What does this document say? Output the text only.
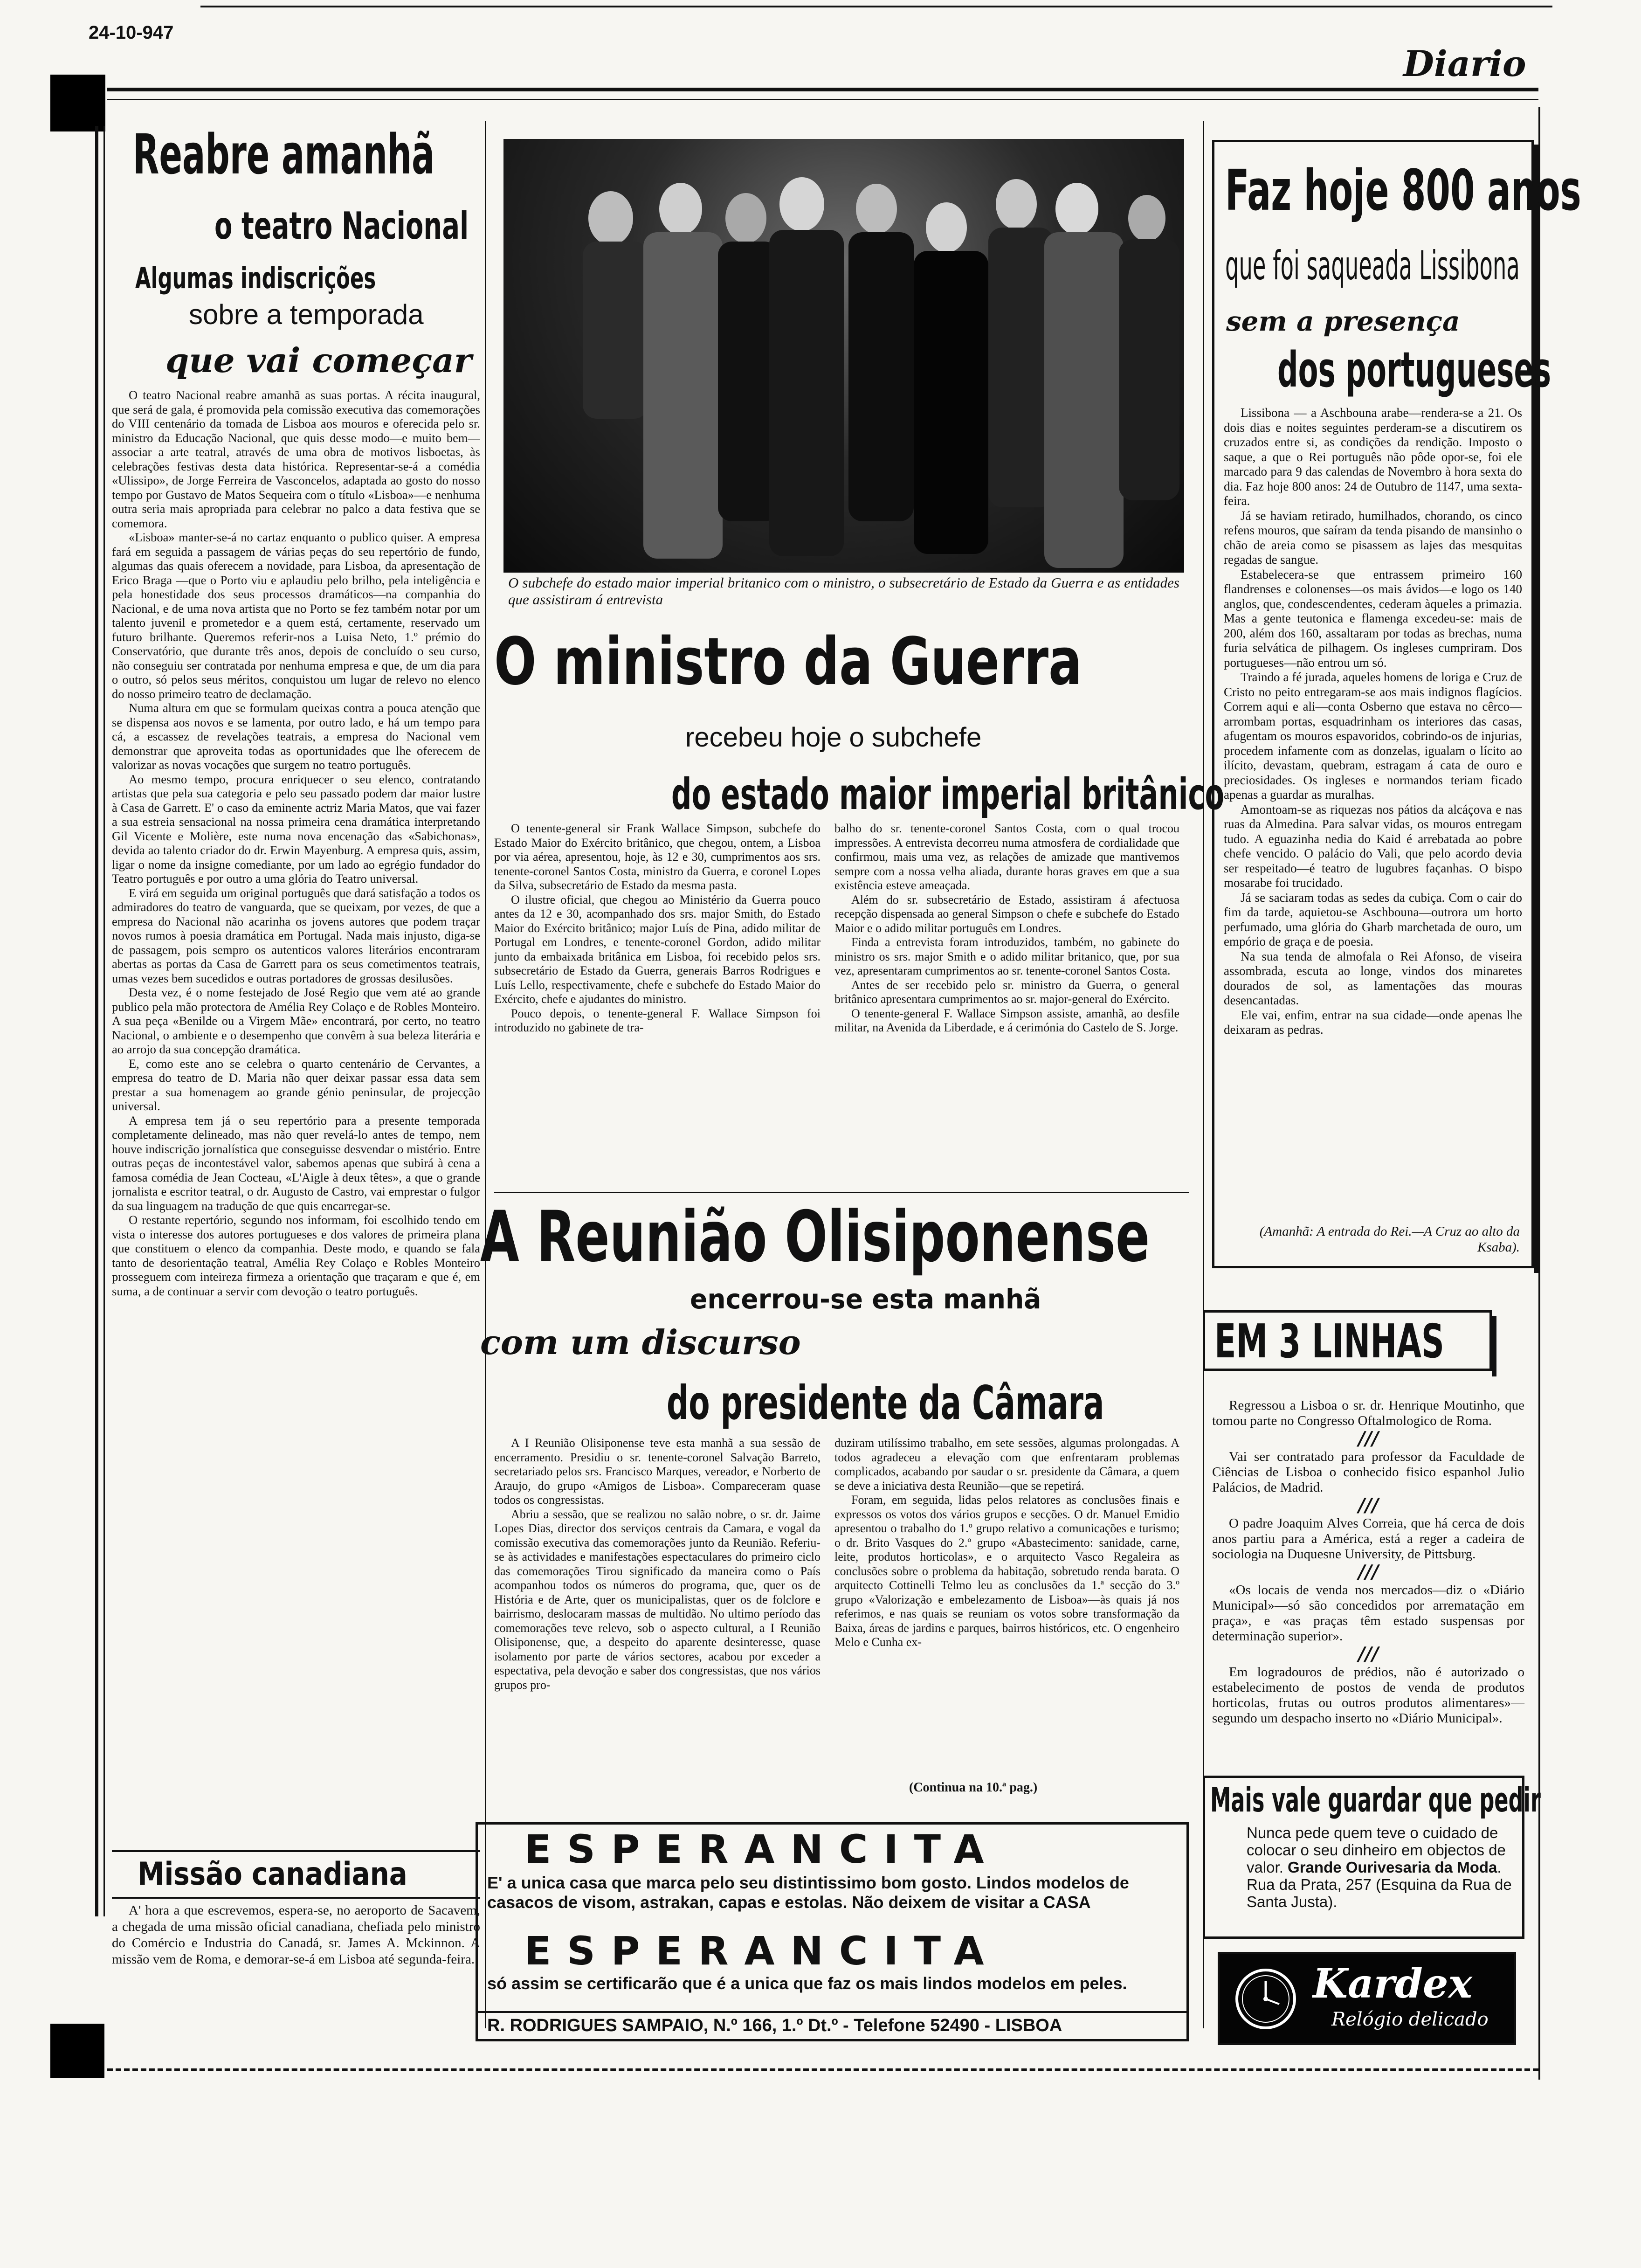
24-10-947
Diario
Reabre amanhã
o teatro Nacional
Algumas indiscrições
sobre a temporada
que vai começar

O teatro Nacional reabre amanhã as suas portas. A récita inaugural, que será de gala, é promovida pela comissão executiva das comemorações do VIII centenário da tomada de Lisboa aos mouros e oferecida pelo sr. ministro da Educação Nacional, que quis desse modo—e muito bem—associar a arte teatral, através de uma obra de motivos lisboetas, às celebrações festivas desta data histórica. Representar-se-á a comédia «Ulissipo», de Jorge Ferreira de Vasconcelos, adaptada ao gosto do nosso tempo por Gustavo de Matos Sequeira com o título «Lisboa»—e nenhuma outra seria mais apropriada para celebrar no palco a data festiva que se comemora.

«Lisboa» manter-se-á no cartaz enquanto o publico quiser. A empresa fará em seguida a passagem de várias peças do seu repertório de fundo, algumas das quais oferecem a novidade, para Lisboa, da apresentação de Erico Braga —que o Porto viu e aplaudiu pelo brilho, pela inteligência e pela honestidade dos seus processos dramáticos—na companhia do Nacional, e de uma nova artista que no Porto se fez também notar por um talento juvenil e prometedor e a quem está, certamente, reservado um futuro brilhante. Queremos referir-nos a Luisa Neto, 1.º prémio do Conservatório, que durante três anos, depois de concluído o seu curso, não conseguiu ser contratada por nenhuma empresa e que, de um dia para o outro, só pelos seus méritos, conquistou um lugar de relevo no elenco do nosso primeiro teatro de declamação.

Numa altura em que se formulam queixas contra a pouca atenção que se dispensa aos novos e se lamenta, por outro lado, e há um tempo para cá, a escassez de revelações teatrais, a empresa do Nacional vem demonstrar que aproveita todas as oportunidades que lhe oferecem de valorizar as novas vocações que surgem no teatro português.

Ao mesmo tempo, procura enriquecer o seu elenco, contratando artistas que pela sua categoria e pelo seu passado podem dar maior lustre à Casa de Garrett. E' o caso da eminente actriz Maria Matos, que vai fazer a sua estreia sensacional na nossa primeira cena dramática interpretando Gil Vicente e Molière, este numa nova encenação das «Sabichonas», devida ao talento criador do dr. Erwin Mayenburg. A empresa quis, assim, ligar o nome da insigne comediante, por um lado ao egrégio fundador do Teatro português e por outro a uma glória do Teatro universal.

E virá em seguida um original português que dará satisfação a todos os admiradores do teatro de vanguarda, que se queixam, por vezes, de que a empresa do Nacional não acarinha os jovens autores que podem traçar novos rumos à poesia dramática em Portugal. Nada mais injusto, diga-se de passagem, pois sempro os autenticos valores literários encontraram abertas as portas da Casa de Garrett para os seus cometimentos teatrais, umas vezes bem sucedidos e outras portadores de grossas desilusões.

Desta vez, é o nome festejado de José Regio que vem até ao grande publico pela mão protectora de Amélia Rey Colaço e de Robles Monteiro. A sua peça «Benilde ou a Virgem Mãe» encontrará, por certo, no teatro Nacional, o ambiente e o desempenho que convêm à sua beleza literária e ao arrojo da sua concepção dramática.

E, como este ano se celebra o quarto centenário de Cervantes, a empresa do teatro de D. Maria não quer deixar passar essa data sem prestar a sua homenagem ao grande génio peninsular, de projecção universal.

A empresa tem já o seu repertório para a presente temporada completamente delineado, mas não quer revelá-lo antes de tempo, nem houve indiscrição jornalística que conseguisse desvendar o mistério. Entre outras peças de incontestável valor, sabemos apenas que subirá à cena a famosa comédia de Jean Cocteau, «L'Aigle à deux têtes», a que o grande jornalista e escritor teatral, o dr. Augusto de Castro, vai emprestar o fulgor da sua linguagem na tradução de que quis encarregar-se.

O restante repertório, segundo nos informam, foi escolhido tendo em vista o interesse dos autores portugueses e dos valores de primeira plana que constituem o elenco da companhia. Deste modo, e quando se fala tanto de desorientação teatral, Amélia Rey Colaço e Robles Monteiro prosseguem com inteireza firmeza a orientação que traçaram e que é, em suma, a de continuar a servir com devoção o teatro português.

Missão canadiana

A' hora a que escrevemos, espera-se, no aeroporto de Sacavem, a chegada de uma missão oficial canadiana, chefiada pelo ministro do Comércio e Industria do Canadá, sr. James A. Mckinnon. A missão vem de Roma, e demorar-se-á em Lisboa até segunda-feira.

O subchefe do estado maior imperial britanico com o ministro, o subsecretário de Estado da Guerra e as entidades que assistiram á entrevista
O ministro da Guerra
recebeu hoje o subchefe
do estado maior imperial britânico

O tenente-general sir Frank Wallace Simpson, subchefe do Estado Maior do Exército britânico, que chegou, ontem, a Lisboa por via aérea, apresentou, hoje, às 12 e 30, cumprimentos aos srs. tenente-coronel Santos Costa, ministro da Guerra, e coronel Lopes da Silva, subsecretário de Estado da mesma pasta.

O ilustre oficial, que chegou ao Ministério da Guerra pouco antes da 12 e 30, acompanhado dos srs. major Smith, do Estado Maior do Exército britânico; major Luís de Pina, adido militar de Portugal em Londres, e tenente-coronel Gordon, adido militar junto da embaixada britânica em Lisboa, foi recebido pelos srs. subsecretário de Estado da Guerra, generais Barros Rodrigues e Luís Lello, respectivamente, chefe e subchefe do Estado Maior do Exército, chefe e ajudantes do ministro.

Pouco depois, o tenente-general F. Wallace Simpson foi introduzido no gabinete de tra-

balho do sr. tenente-coronel Santos Costa, com o qual trocou impressões. A entrevista decorreu numa atmosfera de cordialidade que confirmou, mais uma vez, as relações de amizade que mantivemos sempre com a nossa velha aliada, durante horas graves em que a sua existência esteve ameaçada.

Além do sr. subsecretário de Estado, assistiram á afectuosa recepção dispensada ao general Simpson o chefe e subchefe do Estado Maior e o adido militar português em Londres.

Finda a entrevista foram introduzidos, também, no gabinete do ministro os srs. major Smith e o adido militar britanico, que, por sua vez, apresentaram cumprimentos ao sr. tenente-coronel Santos Costa.

Antes de ser recebido pelo sr. ministro da Guerra, o general britânico apresentara cumprimentos ao sr. major-general do Exército.

O tenente-general F. Wallace Simpson assiste, amanhã, ao desfile militar, na Avenida da Liberdade, e á cerimónia do Castelo de S. Jorge.

A Reunião Olisiponense
encerrou-se esta manhã
com um discurso
do presidente da Câmara

A I Reunião Olisiponense teve esta manhã a sua sessão de encerramento. Presidiu o sr. tenente-coronel Salvação Barreto, secretariado pelos srs. Francisco Marques, vereador, e Norberto de Araujo, do grupo «Amigos de Lisboa». Compareceram quase todos os congressistas.

Abriu a sessão, que se realizou no salão nobre, o sr. dr. Jaime Lopes Dias, director dos serviços centrais da Camara, e vogal da comissão executiva das comemorações junto da Reunião. Referiu-se às actividades e manifestações espectaculares do primeiro ciclo das comemorações Tirou significado da maneira como o País acompanhou todos os números do programa, que, quer os de História e de Arte, quer os municipalistas, quer os de folclore e bairrismo, deslocaram massas de multidão. No ultimo período das comemorações teve relevo, sob o aspecto cultural, a I Reunião Olisiponense, que, a despeito do aparente desinteresse, quase isolamento por parte de vários sectores, acabou por exceder a espectativa, pela devoção e saber dos congressistas, que nos vários grupos pro-

duziram utilíssimo trabalho, em sete sessões, algumas prolongadas. A todos agradeceu a elevação com que enfrentaram problemas complicados, acabando por saudar o sr. presidente da Câmara, a quem se deve a iniciativa desta Reunião—que se repetirá.

Foram, em seguida, lidas pelos relatores as conclusões finais e expressos os votos dos vários grupos e secções. O dr. Manuel Emidio apresentou o trabalho do 1.º grupo relativo a comunicações e turismo; o dr. Brito Vasques do 2.º grupo «Abastecimento: sanidade, carne, leite, produtos horticolas», e o arquitecto Vasco Regaleira as conclusões sobre o problema da habitação, sobretudo renda barata. O arquitecto Cottinelli Telmo leu as conclusões da 1.ª secção do 3.º grupo «Valorização e embelezamento de Lisboa»—às quais já nos referimos, e nas quais se reuniam os votos sobre transformação da Baixa, áreas de jardins e parques, bairros históricos, etc. O engenheiro Melo e Cunha ex-

(Continua na 10.ª pag.)
ESPERANCITA
E' a unica casa que marca pelo seu distintissimo bom gosto. Lindos modelos de casacos de visom, astrakan, capas e estolas. Não deixem de visitar a CASA
ESPERANCITA
só assim se certificarão que é a unica que faz os mais lindos modelos em peles.
R. RODRIGUES SAMPAIO, N.º 166, 1.º Dt.º - Telefone 52490 - LISBOA
Faz hoje 800 anos
que foi saqueada Lissibona
sem a presença
dos portugueses

Lissibona — a Aschbouna arabe—renderа-se a 21. Os dois dias e noites seguintes perderam-se a discutirem os cruzados entre si, as condições da rendição. Imposto o saque, a que o Rei português não pôde opor-se, foi ele marcado para 9 das calendas de Novembro à hora sexta do dia. Faz hoje 800 anos: 24 de Outubro de 1147, uma sexta-feira.

Já se haviam retirado, humilhados, chorando, os cinco refens mouros, que saíram da tenda pisando de mansinho o chão de areia como se pisassem as lajes das mesquitas regadas de sangue.

Estabelecera-se que entrassem primeiro 160 flandrenses e colonenses—os mais ávidos—e logo os 140 anglos, que, condescendentes, cederam àqueles a primazia. Mas a gente teutonica e flamenga excedeu-se: mais de 200, além dos 160, assaltaram por todas as brechas, numa furia selvática de pilhagem. Os ingleses cumpriram. Dos portugueses—não entrou um só.

Traindo a fé jurada, aqueles homens de loriga e Cruz de Cristo no peito entregaram-se aos mais indignos flagícios. Correm aqui e ali—conta Osberno que estava no cêrco—arrombam portas, esquadrinham os interiores das casas, afugentam os mouros espavoridos, cobrindo-os de injurias, procedem infamente com as donzelas, igualam o lícito ao ilícito, devastam, quebram, estragam á cata de ouro e preciosidades. Os ingleses e normandos teriam ficado apenas a guardar as muralhas.

Amontoam-se as riquezas nos pátios da alcáçova e nas ruas da Almedina. Para salvar vidas, os mouros entregam tudo. A eguazinha nedia do Kaid é arrebatada ao pobre chefe vencido. O palácio do Vali, que pelo acordo devia ser respeitado—é teatro de lugubres façanhas. O bispo mosarabe foi trucidado.

Já se saciaram todas as sedes da cubiça. Com o cair do fim da tarde, aquietou-se Aschbouna—outrora um horto perfumado, uma glória do Gharb marchetada de ouro, um empório de graça e de poesia.

Na sua tenda de almofala o Rei Afonso, de viseira assombrada, escuta ao longe, vindos dos minaretes dourados de sol, as lamentações das mouras desencantadas.

Ele vai, enfim, entrar na sua cidade—onde apenas lhe deixaram as pedras.

(Amanhã: A entrada do Rei.—A Cruz ao alto da Ksaba).
EM 3 LINHAS

Regressou a Lisboa o sr. dr. Henrique Moutinho, que tomou parte no Congresso Oftalmologico de Roma.

///

Vai ser contratado para professor da Faculdade de Ciências de Lisboa o conhecido fisico espanhol Julio Palácios, de Madrid.

///

O padre Joaquim Alves Correia, que há cerca de dois anos partiu para a América, está a reger a cadeira de sociologia na Duquesne University, de Pittsburg.

///

«Os locais de venda nos mercados—diz o «Diário Municipal»—só são concedidos por arrematação em praça», e «as praças têm estado suspensas por determinação superior».

///

Em logradouros de prédios, não é autorizado o estabelecimento de postos de venda de produtos horticolas, frutas ou outros produtos alimentares»—segundo um despacho inserto no «Diário Municipal».

Mais vale guardar que pedir
Nunca pede quem teve o cuidado de colocar o seu dinheiro em objectos de valor. Grande Ourivesaria da Moda. Rua da Prata, 257 (Esquina da Rua de Santa Justa).
Kardex
Relógio delicado
